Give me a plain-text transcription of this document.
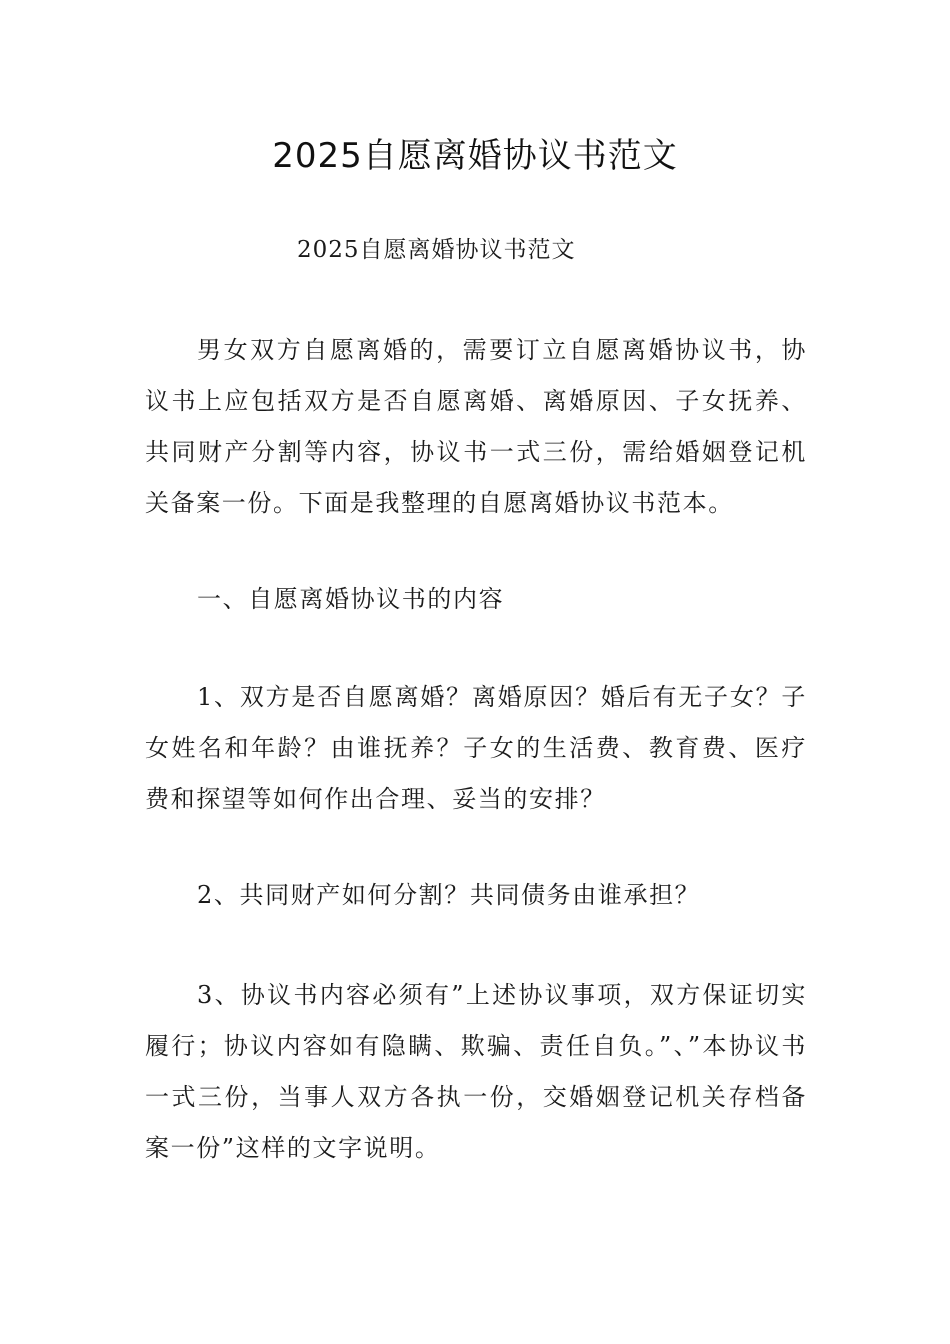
2025自愿离婚协议书范文

2025自愿离婚协议书范文

男女双方自愿离婚的，需要订立自愿离婚协议书，协议书上应包括双方是否自愿离婚、离婚原因、子女抚养、共同财产分割等内容，协议书一式三份，需给婚姻登记机关备案一份。下面是我整理的自愿离婚协议书范本。

一、自愿离婚协议书的内容

1、双方是否自愿离婚？离婚原因？婚后有无子女？子女姓名和年龄？由谁抚养？子女的生活费、教育费、医疗费和探望等如何作出合理、妥当的安排？

2、共同财产如何分割？共同债务由谁承担？

3、协议书内容必须有”上述协议事项，双方保证切实履行；协议内容如有隐瞒、欺骗、责任自负。”、”本协议书一式三份，当事人双方各执一份，交婚姻登记机关存档备案一份”这样的文字说明。
